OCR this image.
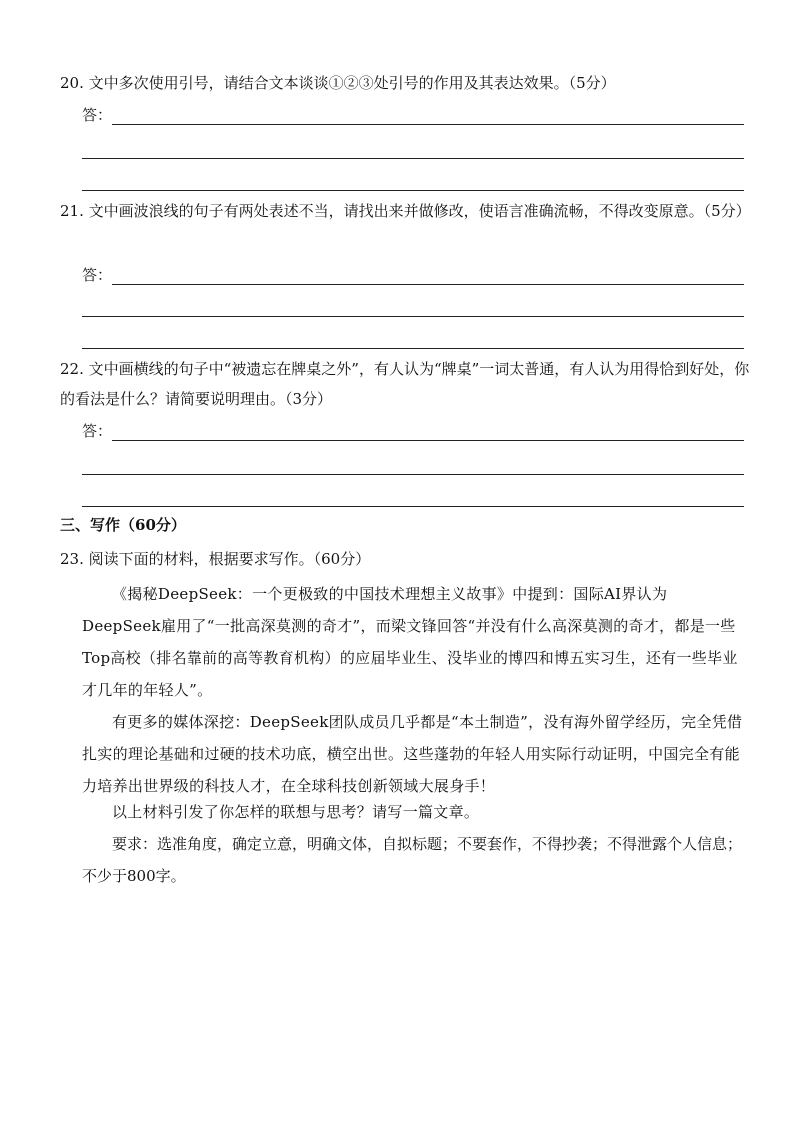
20. 文中多次使用引号，请结合文本谈谈①②③处引号的作用及其表达效果。（5分）
答：
21. 文中画波浪线的句子有两处表述不当，请找出来并做修改，使语言准确流畅，不得改变原意。（5分）
答：
22. 文中画横线的句子中“被遗忘在牌桌之外”，有人认为“牌桌”一词太普通，有人认为用得恰到好处，你的看法是什么？请简要说明理由。（3分）
答：
三、写作（60分）
23. 阅读下面的材料，根据要求写作。（60分）
《揭秘DeepSeek：一个更极致的中国技术理想主义故事》中提到：国际AI界认为DeepSeek雇用了“一批高深莫测的奇才”，而梁文锋回答“并没有什么高深莫测的奇才，都是一些Top高校（排名靠前的高等教育机构）的应届毕业生、没毕业的博四和博五实习生，还有一些毕业才几年的年轻人”。
有更多的媒体深挖：DeepSeek团队成员几乎都是“本土制造”，没有海外留学经历，完全凭借扎实的理论基础和过硬的技术功底，横空出世。这些蓬勃的年轻人用实际行动证明，中国完全有能力培养出世界级的科技人才，在全球科技创新领域大展身手！
以上材料引发了你怎样的联想与思考？请写一篇文章。
要求：选准角度，确定立意，明确文体，自拟标题；不要套作，不得抄袭；不得泄露个人信息；不少于800字。
